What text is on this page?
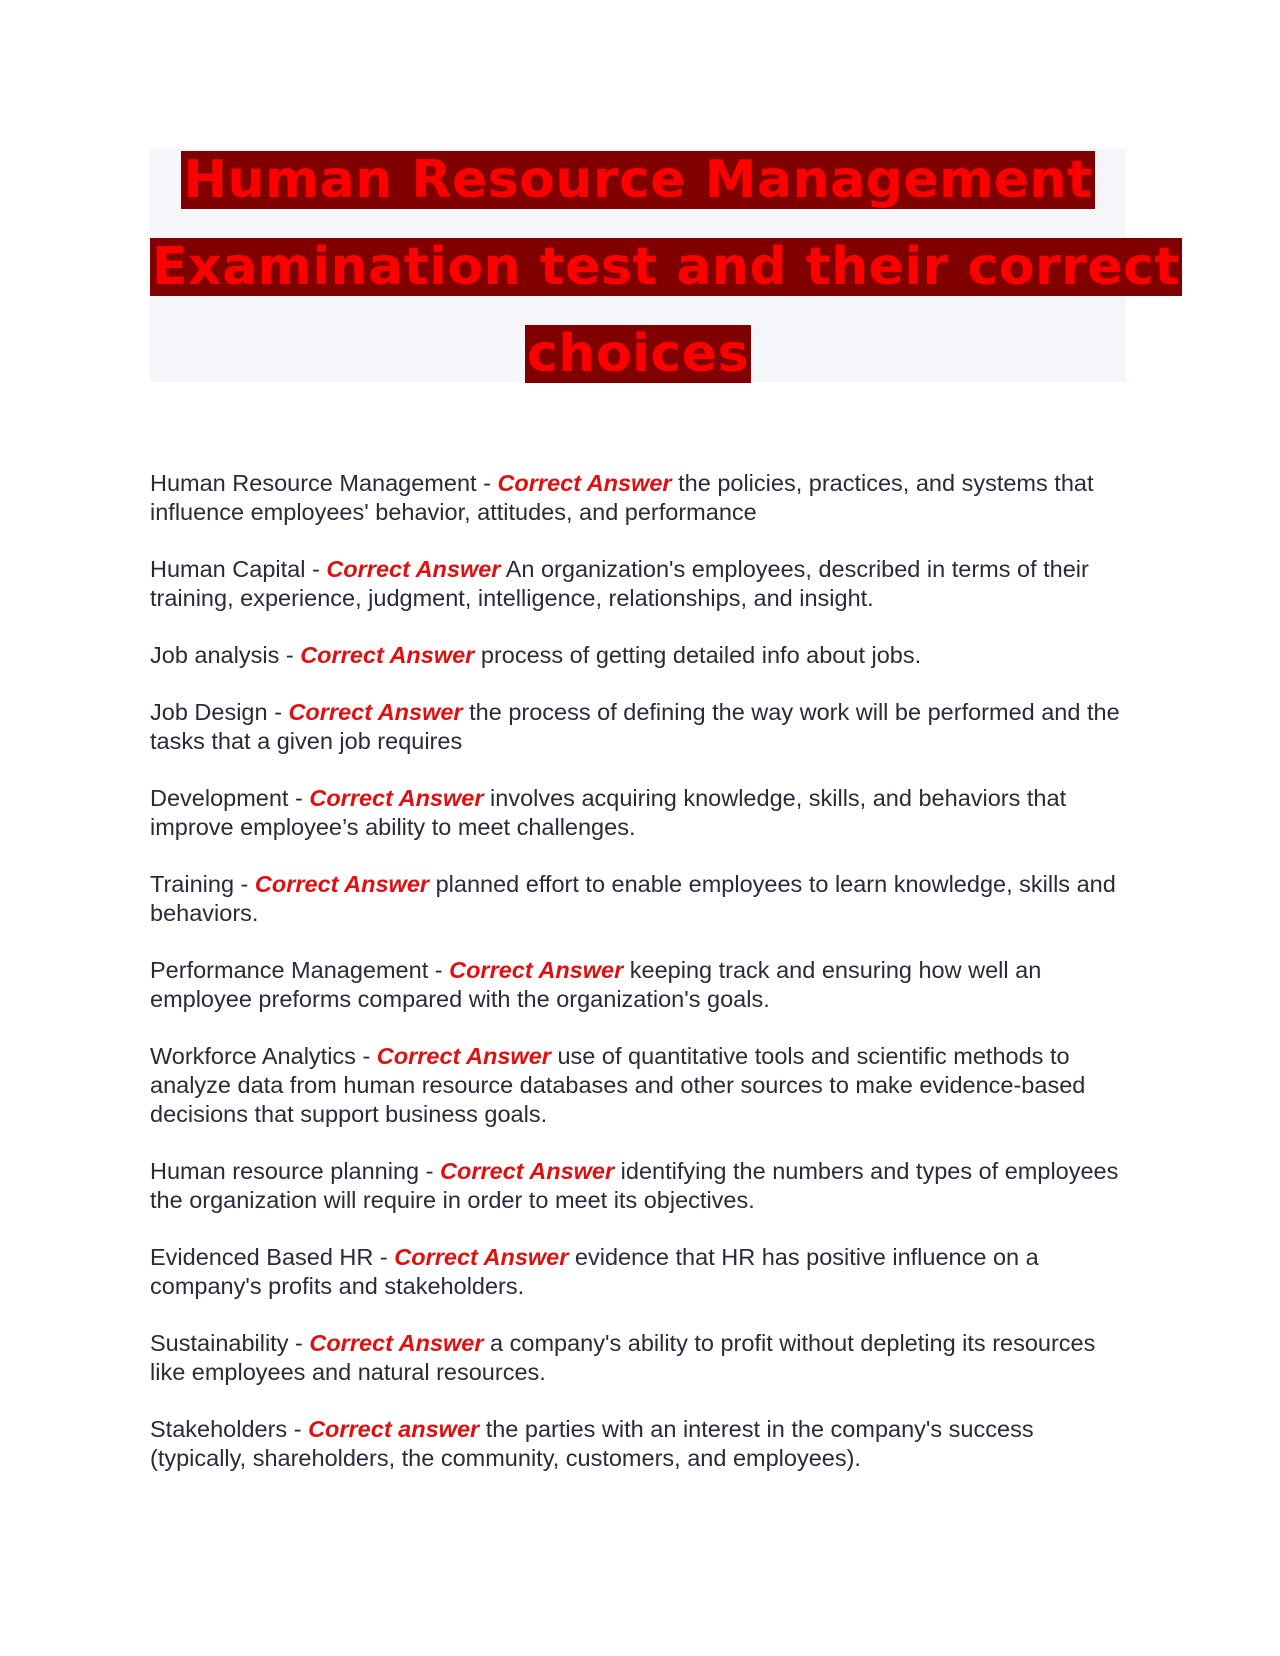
Human Resource Management
Examination test and their correct
choices

Human Resource Management - Correct Answer the policies, practices, and systems that influence employees' behavior, attitudes, and performance

Human Capital - Correct Answer An organization's employees, described in terms of their training, experience, judgment, intelligence, relationships, and insight.

Job analysis - Correct Answer process of getting detailed info about jobs.

Job Design - Correct Answer the process of defining the way work will be performed and the tasks that a given job requires

Development - Correct Answer involves acquiring knowledge, skills, and behaviors that improve employee’s ability to meet challenges.

Training - Correct Answer planned effort to enable employees to learn knowledge, skills and behaviors.

Performance Management - Correct Answer keeping track and ensuring how well an employee preforms compared with the organization's goals.

Workforce Analytics - Correct Answer use of quantitative tools and scientific methods to analyze data from human resource databases and other sources to make evidence-based decisions that support business goals.

Human resource planning - Correct Answer identifying the numbers and types of employees the organization will require in order to meet its objectives.

Evidenced Based HR - Correct Answer evidence that HR has positive influence on a company's profits and stakeholders.

Sustainability - Correct Answer a company's ability to profit without depleting its resources like employees and natural resources.

Stakeholders - Correct answer the parties with an interest in the company's success (typically, shareholders, the community, customers, and employees).
